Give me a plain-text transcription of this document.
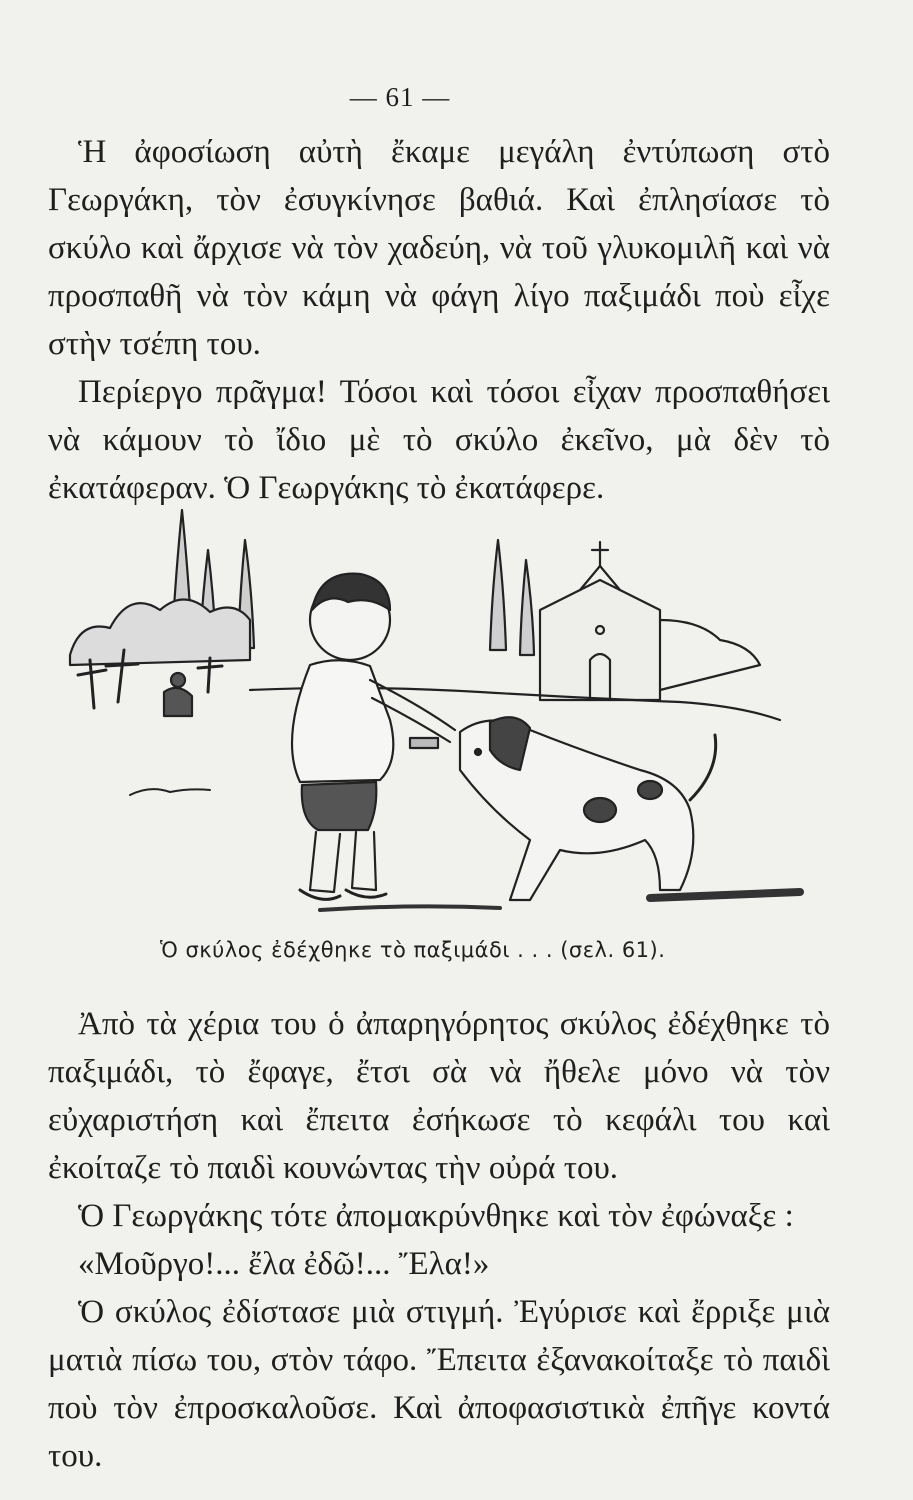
— 61 —

Ἡ ἀφοσίωση αὐτὴ ἔκαμε μεγάλη ἐντύπωση στὸ Γεωργάκη, τὸν ἐσυγκίνησε βαθιά. Καὶ ἐπλησίασε τὸ σκύλο καὶ ἄρχισε νὰ τὸν χαδεύη, νὰ τοῦ γλυκομιλῆ καὶ νὰ προσπαθῆ νὰ τὸν κάμη νὰ φάγη λίγο παξιμάδι ποὺ εἶχε στὴν τσέπη του.

Περίεργο πρᾶγμα! Τόσοι καὶ τόσοι εἶχαν προσπαθήσει νὰ κάμουν τὸ ἴδιο μὲ τὸ σκύλο ἐκεῖνο, μὰ δὲν τὸ ἐκατάφεραν. Ὁ Γεωργάκης τὸ ἐκατάφερε.

Ὁ σκύλος ἐδέχθηκε τὸ παξιμάδι . . . (σελ. 61).

Ἀπὸ τὰ χέρια του ὁ ἀπαρηγόρητος σκύλος ἐδέχθηκε τὸ παξιμάδι, τὸ ἔφαγε, ἔτσι σὰ νὰ ἤθελε μόνο νὰ τὸν εὐχαριστήση καὶ ἔπειτα ἐσήκωσε τὸ κεφάλι του καὶ ἐκοίταζε τὸ παιδὶ κουνώντας τὴν οὐρά του.

Ὁ Γεωργάκης τότε ἀπομακρύνθηκε καὶ τὸν ἐφώναξε :

«Μοῦργο!... ἔλα ἐδῶ!... Ἔλα!»

Ὁ σκύλος ἐδίστασε μιὰ στιγμή. Ἐγύρισε καὶ ἔρριξε μιὰ ματιὰ πίσω του, στὸν τάφο. Ἔπειτα ἐξανακοίταξε τὸ παιδὶ ποὺ τὸν ἐπροσκαλοῦσε. Καὶ ἀποφασιστικὰ ἐπῆγε κοντά του.
